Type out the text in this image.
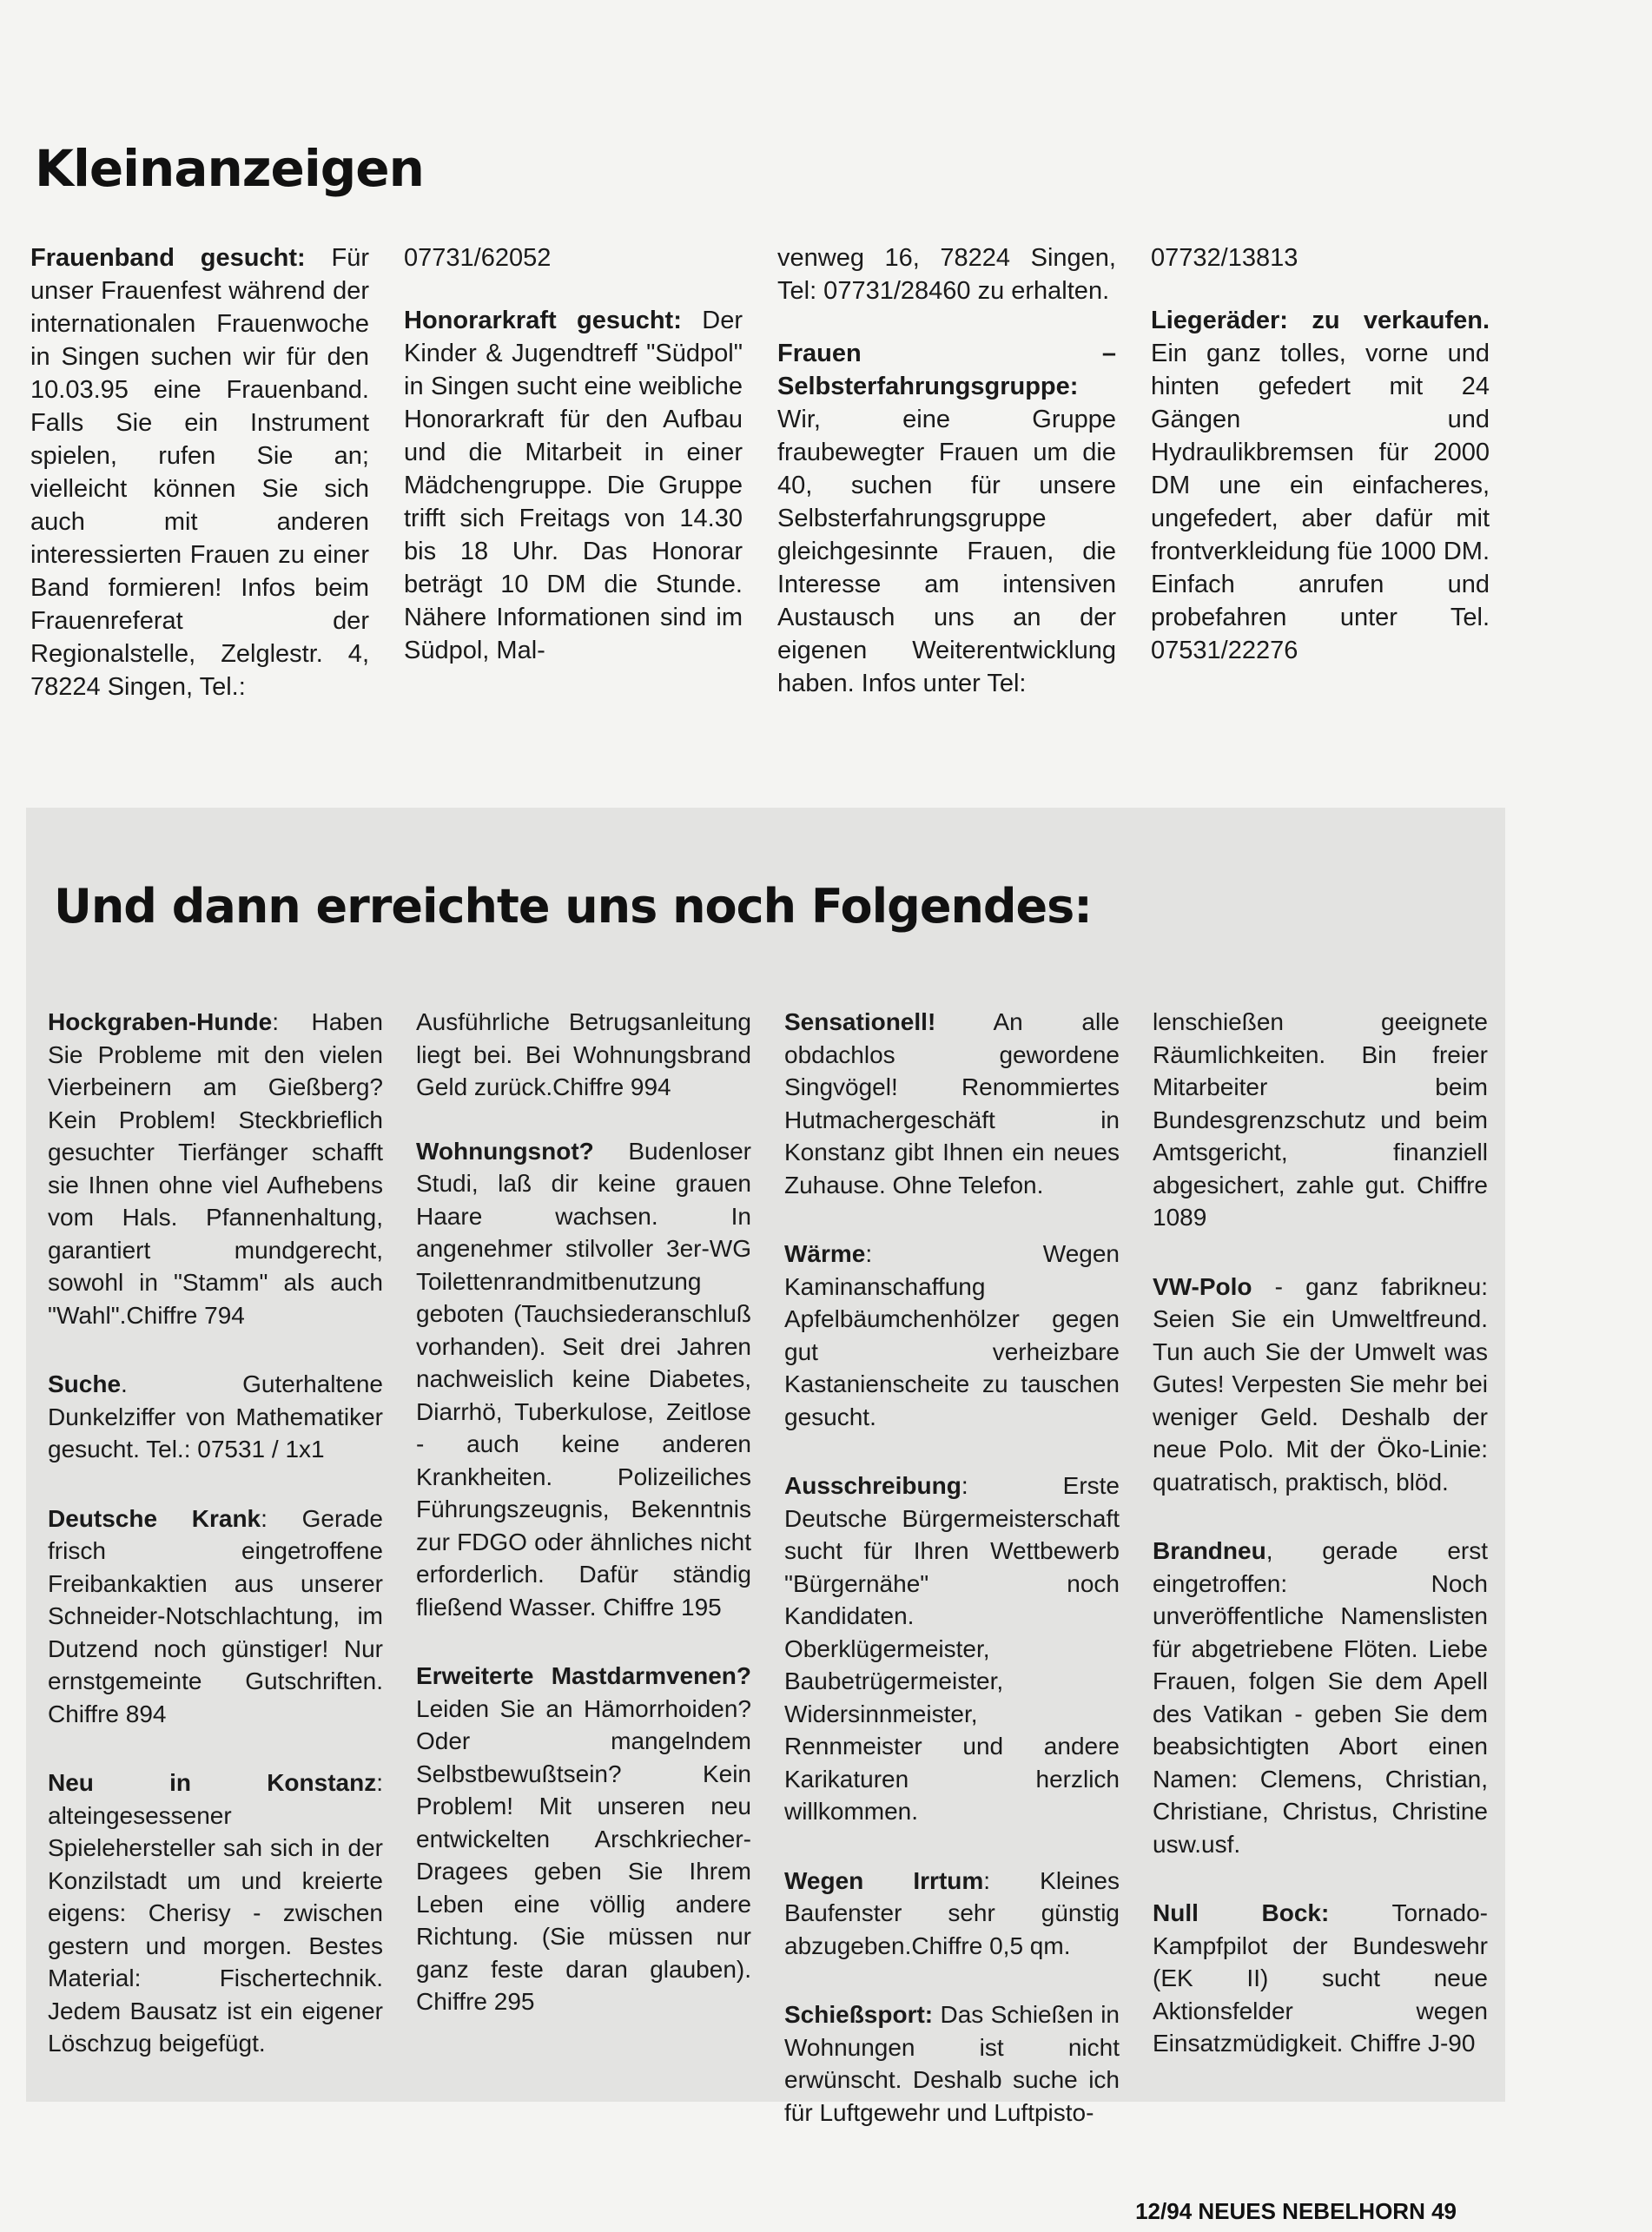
Kleinanzeigen

Frauenband gesucht: Für unser Frauenfest während der internationalen Frauenwoche in Singen suchen wir für den 10.03.95 eine Frauenband. Falls Sie ein Instrument spielen, rufen Sie an; vielleicht können Sie sich auch mit anderen interessierten Frauen zu einer Band formieren! Infos beim Frauenreferat der Regionalstelle, Zelglestr. 4, 78224 Singen, Tel.:

07731/62052

Honorarkraft gesucht: Der Kinder & Jugendtreff "Südpol" in Singen sucht eine weibliche Honorarkraft für den Aufbau und die Mitarbeit in einer Mädchengruppe. Die Gruppe trifft sich Freitags von 14.30 bis 18 Uhr. Das Honorar beträgt 10 DM die Stunde. Nähere Informationen sind im Südpol, Mal-

venweg 16, 78224 Singen, Tel: 07731/28460 zu erhalten.

Frauen – Selbsterfahrungsgruppe: Wir, eine Gruppe fraubewegter Frauen um die 40, suchen für unsere Selbsterfahrungsgruppe gleichgesinnte Frauen, die Interesse am intensiven Austausch uns an der eigenen Weiterentwicklung haben. Infos unter Tel:

07732/13813

Liegeräder: zu verkaufen. Ein ganz tolles, vorne und hinten gefedert mit 24 Gängen und Hydraulikbremsen für 2000 DM une ein einfacheres, ungefedert, aber dafür mit frontverkleidung füe 1000 DM. Einfach anrufen und probefahren unter Tel. 07531/22276

Und dann erreichte uns noch Folgendes:

Hockgraben-Hunde: Haben Sie Probleme mit den vielen Vierbeinern am Gießberg? Kein Problem! Steckbrieflich gesuchter Tierfänger schafft sie Ihnen ohne viel Aufhebens vom Hals. Pfannenhaltung, garantiert mundgerecht, sowohl in "Stamm" als auch "Wahl".Chiffre 794

Suche. Guterhaltene Dunkelziffer von Mathematiker gesucht. Tel.: 07531 / 1x1

Deutsche Krank: Gerade frisch eingetroffene Freibankaktien aus unserer Schneider-Notschlachtung, im Dutzend noch günstiger! Nur ernstgemeinte Gutschriften. Chiffre 894

Neu in Konstanz: alteingesessener Spielehersteller sah sich in der Konzilstadt um und kreierte eigens: Cherisy - zwischen gestern und morgen. Bestes Material: Fischertechnik. Jedem Bausatz ist ein eigener Löschzug beigefügt.

Ausführliche Betrugsanleitung liegt bei. Bei Wohnungsbrand Geld zurück.Chiffre 994

Wohnungsnot? Budenloser Studi, laß dir keine grauen Haare wachsen. In angenehmer stilvoller 3er-WG Toilettenrandmitbenutzung geboten (Tauchsiederanschluß vorhanden). Seit drei Jahren nachweislich keine Diabetes, Diarrhö, Tuberkulose, Zeitlose - auch keine anderen Krankheiten. Polizeiliches Führungszeugnis, Bekenntnis zur FDGO oder ähnliches nicht erforderlich. Dafür ständig fließend Wasser. Chiffre 195

Erweiterte Mastdarmvenen? Leiden Sie an Hämorrhoiden? Oder mangelndem Selbstbewußtsein? Kein Problem! Mit unseren neu entwickelten Arschkriecher-Dragees geben Sie Ihrem Leben eine völlig andere Richtung. (Sie müssen nur ganz feste daran glauben). Chiffre 295

Sensationell! An alle obdachlos gewordene Singvögel! Renommiertes Hutmachergeschäft in Konstanz gibt Ihnen ein neues Zuhause. Ohne Telefon.

Wärme: Wegen Kaminanschaffung Apfelbäumchenhölzer gegen gut verheizbare Kastanienscheite zu tauschen gesucht.

Ausschreibung: Erste Deutsche Bürgermeisterschaft sucht für Ihren Wettbewerb "Bürgernähe" noch Kandidaten. Oberklügermeister, Baubetrügermeister, Widersinnmeister, Rennmeister und andere Karikaturen herzlich willkommen.

Wegen Irrtum: Kleines Baufenster sehr günstig abzugeben.Chiffre 0,5 qm.

Schießsport: Das Schießen in Wohnungen ist nicht erwünscht. Deshalb suche ich für Luftgewehr und Luftpisto-

lenschießen geeignete Räumlichkeiten. Bin freier Mitarbeiter beim Bundesgrenzschutz und beim Amtsgericht, finanziell abgesichert, zahle gut. Chiffre 1089

VW-Polo - ganz fabrikneu: Seien Sie ein Umweltfreund. Tun auch Sie der Umwelt was Gutes! Verpesten Sie mehr bei weniger Geld. Deshalb der neue Polo. Mit der Öko-Linie: quatratisch, praktisch, blöd.

Brandneu, gerade erst eingetroffen: Noch unveröffentliche Namenslisten für abgetriebene Flöten. Liebe Frauen, folgen Sie dem Apell des Vatikan - geben Sie dem beabsichtigten Abort einen Namen: Clemens, Christian, Christiane, Christus, Christine usw.usf.

Null Bock: Tornado-Kampfpilot der Bundeswehr (EK II) sucht neue Aktionsfelder wegen Einsatzmüdigkeit. Chiffre J-90

12/94 NEUES NEBELHORN 49
